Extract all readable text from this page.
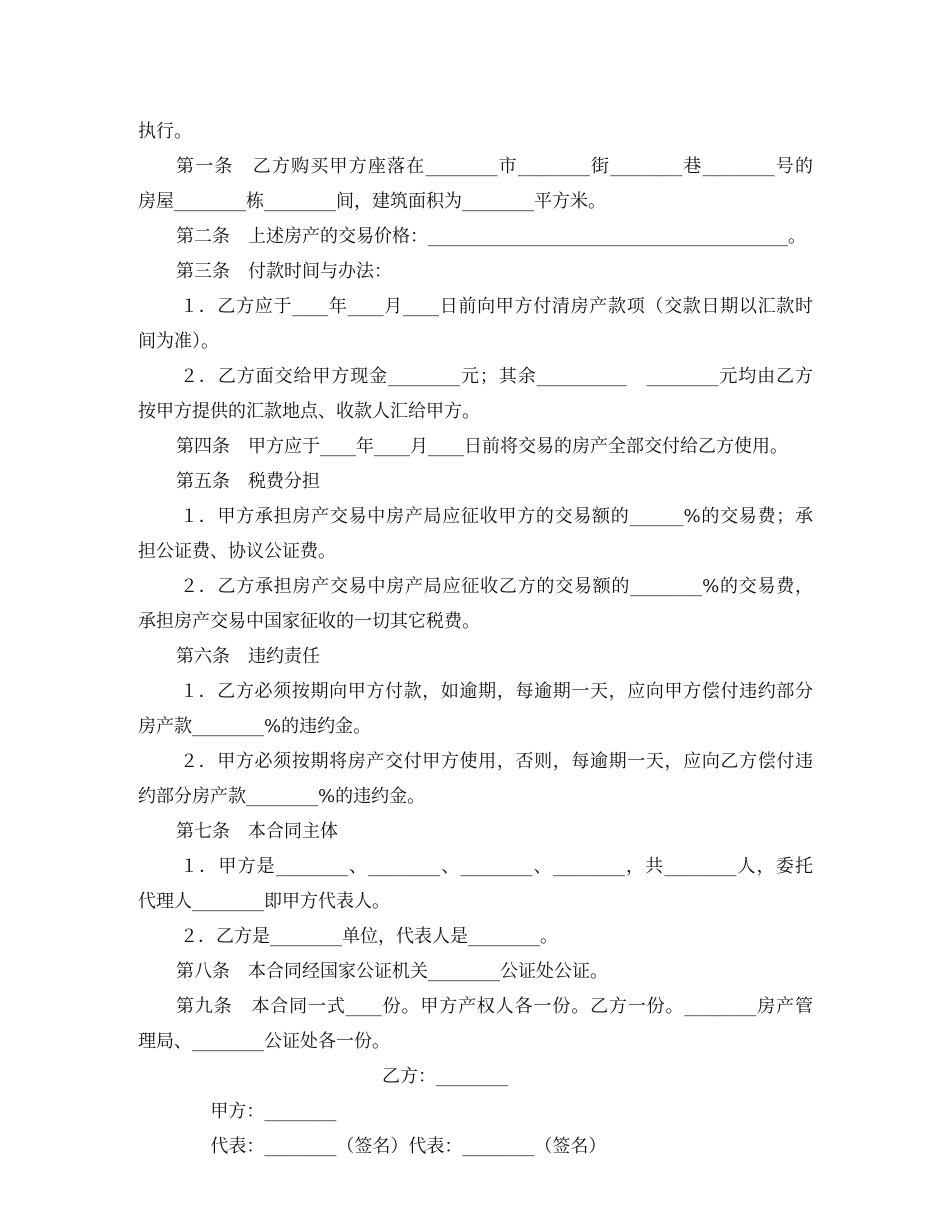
执行。
第一条　乙方购买甲方座落在________市________街________巷________号的
房屋________栋________间，建筑面积为________平方米。
第二条　上述房产的交易价格：________________________________________。
第三条　付款时间与办法：
１．乙方应于____年____月____日前向甲方付清房产款项（交款日期以汇款时
间为准）。
２．乙方面交给甲方现金________元；其余__________　________元均由乙方
按甲方提供的汇款地点、收款人汇给甲方。
第四条　甲方应于____年____月____日前将交易的房产全部交付给乙方使用。
第五条　税费分担
１．甲方承担房产交易中房产局应征收甲方的交易额的______%的交易费；承
担公证费、协议公证费。
２．乙方承担房产交易中房产局应征收乙方的交易额的________%的交易费，
承担房产交易中国家征收的一切其它税费。
第六条　违约责任
１．乙方必须按期向甲方付款，如逾期，每逾期一天，应向甲方偿付违约部分
房产款________%的违约金。
２．甲方必须按期将房产交付甲方使用，否则，每逾期一天，应向乙方偿付违
约部分房产款________%的违约金。
第七条　本合同主体
１．甲方是________、________、________、________，共________人，委托
代理人________即甲方代表人。
２．乙方是________单位，代表人是________。
第八条　本合同经国家公证机关________公证处公证。
第九条　本合同一式____份。甲方产权人各一份。乙方一份。________房产管
理局、________公证处各一份。

甲方：________

乙方：________

代表：________（签名）代表：________（签名）
